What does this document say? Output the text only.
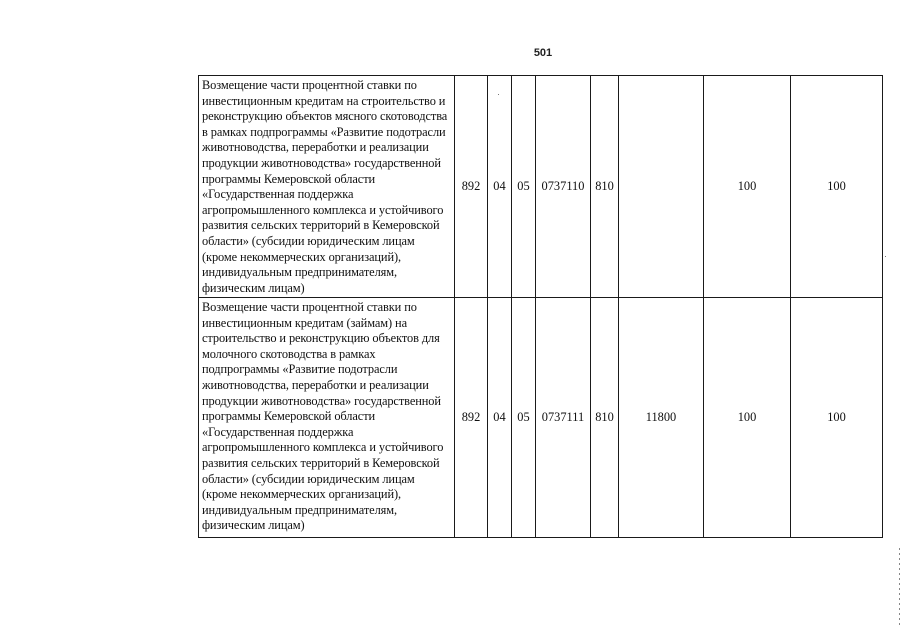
501
Возмещение части процентной ставки по инвестиционным кредитам на строительство и реконструкцию объектов мясного скотоводства в рамках подпрограммы «Развитие подотрасли животноводства, переработки и реализации продукции животноводства» государственной программы Кемеровской области «Государственная поддержка агропромышленного комплекса и устойчивого развития сельских территорий в Кемеровской области» (субсидии юридическим лицам (кроме некоммерческих организаций), индивидуальным предпринимателям, физическим лицам)	892	04	05	0737110	810		100	100
Возмещение части процентной ставки по инвестиционным кредитам (займам) на строительство и реконструкцию объектов для молочного скотоводства в рамках подпрограммы «Развитие подотрасли животноводства, переработки и реализации продукции животноводства» государственной программы Кемеровской области «Государственная поддержка агропромышленного комплекса и устойчивого развития сельских территорий в Кемеровской области» (субсидии юридическим лицам (кроме некоммерческих организаций), индивидуальным предпринимателям, физическим лицам)	892	04	05	0737111	810	11800	100	100
